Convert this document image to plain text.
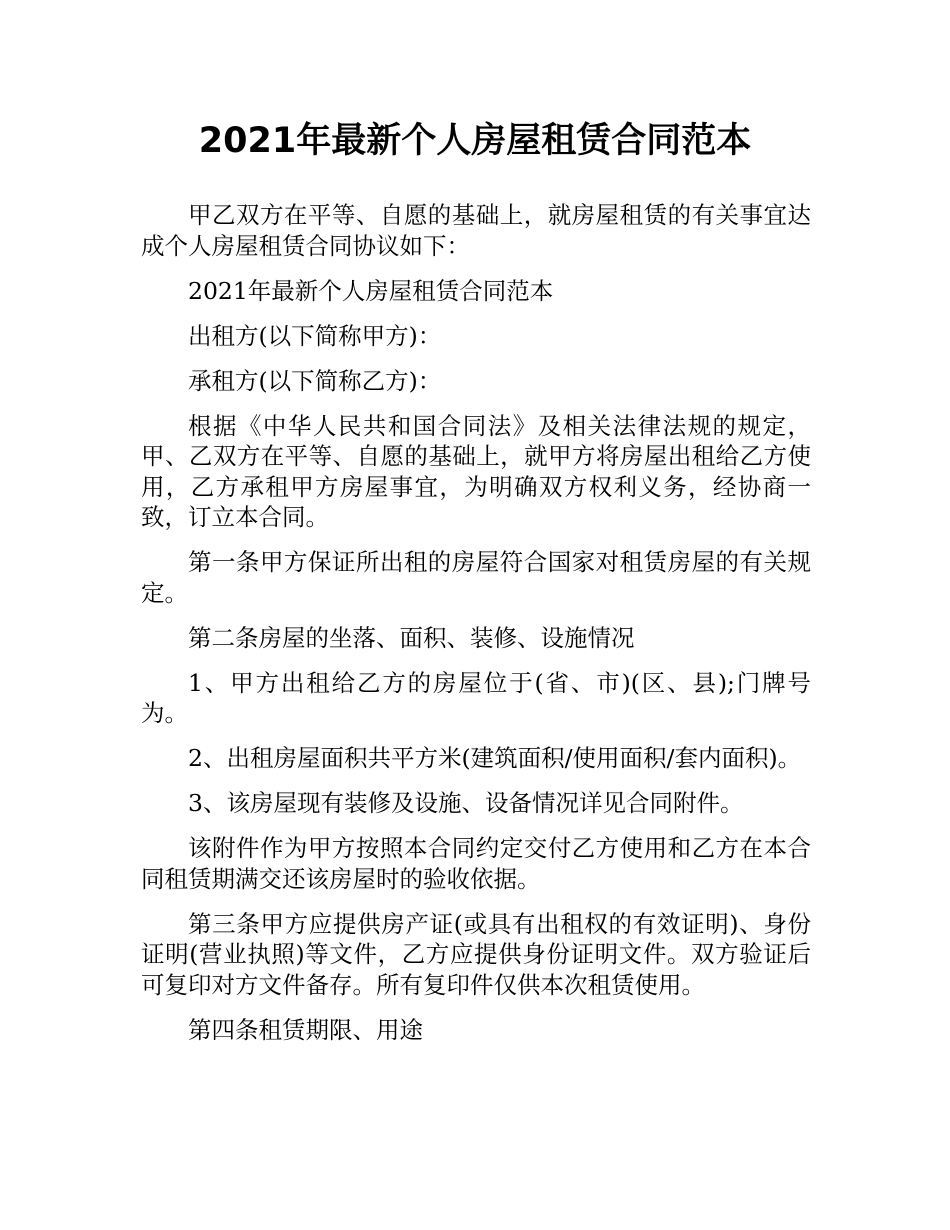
2021年最新个人房屋租赁合同范本

甲乙双方在平等、自愿的基础上，就房屋租赁的有关事宜达成个人房屋租赁合同协议如下：

2021年最新个人房屋租赁合同范本

出租方(以下简称甲方)：

承租方(以下简称乙方)：

根据《中华人民共和国合同法》及相关法律法规的规定，甲、乙双方在平等、自愿的基础上，就甲方将房屋出租给乙方使用，乙方承租甲方房屋事宜，为明确双方权利义务，经协商一致，订立本合同。

第一条甲方保证所出租的房屋符合国家对租赁房屋的有关规定。

第二条房屋的坐落、面积、装修、设施情况

1、甲方出租给乙方的房屋位于(省、市)(区、县);门牌号为。

2、出租房屋面积共平方米(建筑面积/使用面积/套内面积)。

3、该房屋现有装修及设施、设备情况详见合同附件。

该附件作为甲方按照本合同约定交付乙方使用和乙方在本合同租赁期满交还该房屋时的验收依据。

第三条甲方应提供房产证(或具有出租权的有效证明)、身份证明(营业执照)等文件，乙方应提供身份证明文件。双方验证后可复印对方文件备存。所有复印件仅供本次租赁使用。

第四条租赁期限、用途
